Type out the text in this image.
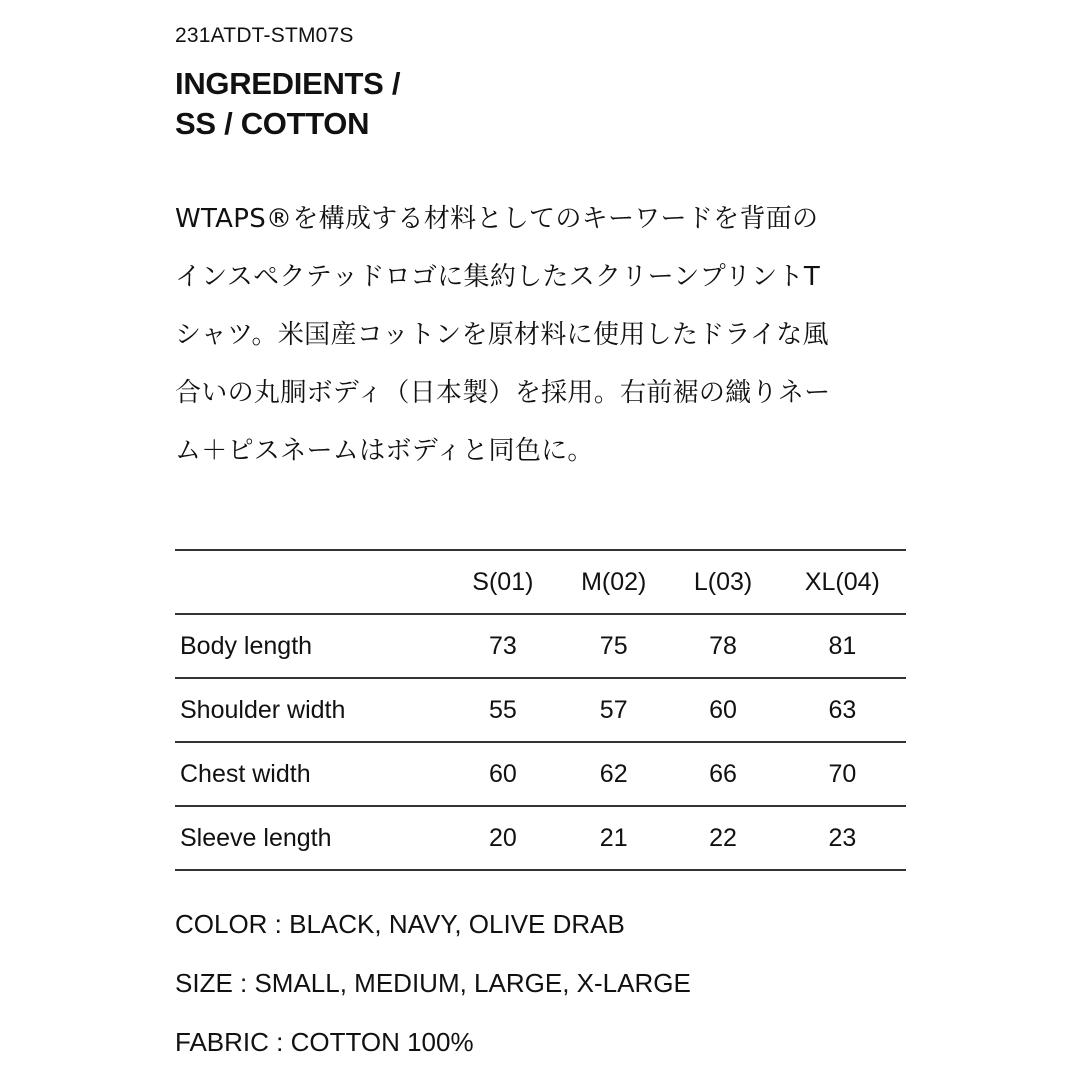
231ATDT-STM07S
INGREDIENTS /
SS / COTTON
WTAPS®を構成する材料としてのキーワードを背面の
インスペクテッドロゴに集約したスクリーンプリントT
シャツ。米国産コットンを原材料に使用したドライな風
合いの丸胴ボディ（日本製）を採用。右前裾の織りネー
ム＋ピスネームはボディと同色に。
	S(01)	M(02)	L(03)	XL(04)
Body length	73	75	78	81
Shoulder width	55	57	60	63
Chest width	60	62	66	70
Sleeve length	20	21	22	23
COLOR : BLACK, NAVY, OLIVE DRAB
SIZE : SMALL, MEDIUM, LARGE, X-LARGE
FABRIC : COTTON 100%
